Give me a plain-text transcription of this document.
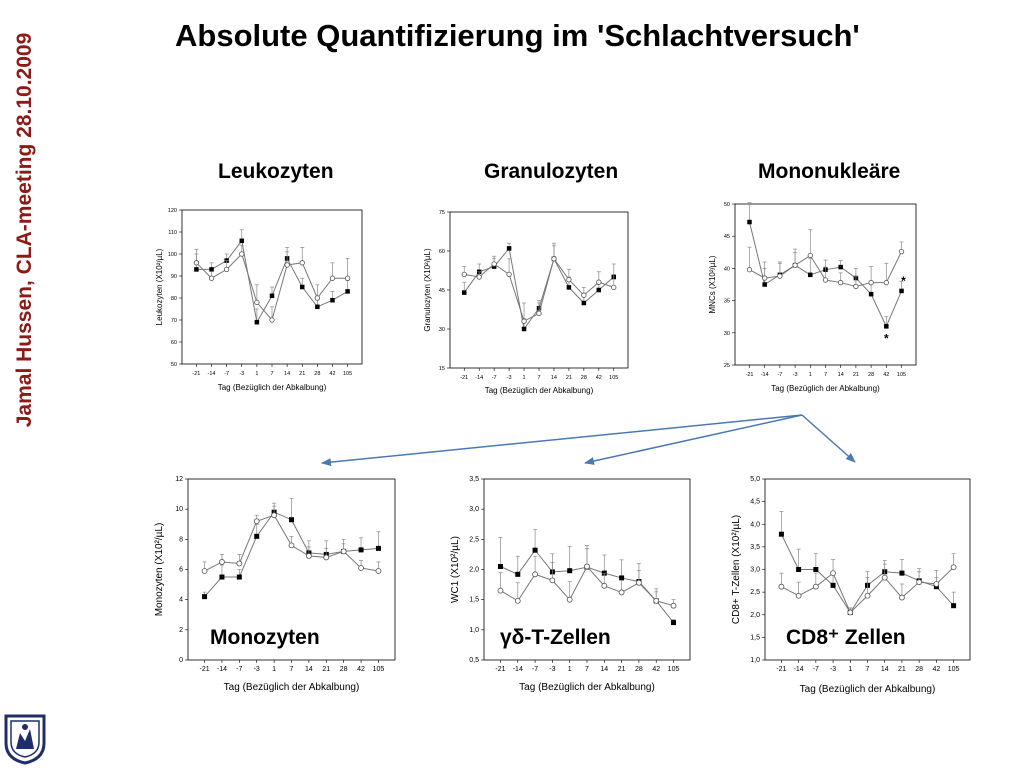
Jamal Hussen, CLA-meeting 28.10.2009	Absolute Quantifizierung im 'Schlachtversuch'
Leukozyten	Granulozyten	Mononukleäre
50
60
70
80
90
100
110
120
-21 -14 -7 -3 1 7 14 21 28 42 105
Tag (Bezüglich der Abkalbung)
Leukozyten (X10²/µL)
15
30
45
60
75
-21 -14 -7 -3 1 7 14 21 28 42 105
Tag (Bezüglich der Abkalbung)
Granulozyten (X10²/µL)
25
30
35
40
45
50
-21 -14 -7 -3 1 7 14 21 28 42 105
Tag (Bezüglich der Abkalbung)
MNCs (X10²/µL)
*
*
0
2
4
6
8
10
12
-21 -14 -7 -3 1 7 14 21 28 42 105
Tag (Bezüglich der Abkalbung)
Monozyten (X10²/µL)
Monozyten
0,5
1,0
1,5
2,0
2,5
3,0
3,5
-21 -14 -7 -3 1 7 14 21 28 42 105
Tag (Bezüglich der Abkalbung)
WC1 (X10²/µL)
γδ-T-Zellen
1,0
1,5
2,0
2,5
3,0
3,5
4,0
4,5
5,0
-21 -14 -7 -3 1 7 14 21 28 42 105
Tag (Bezüglich der Abkalbung)
CD8+ T-Zellen (X10²/µL)
CD8⁺ Zellen
